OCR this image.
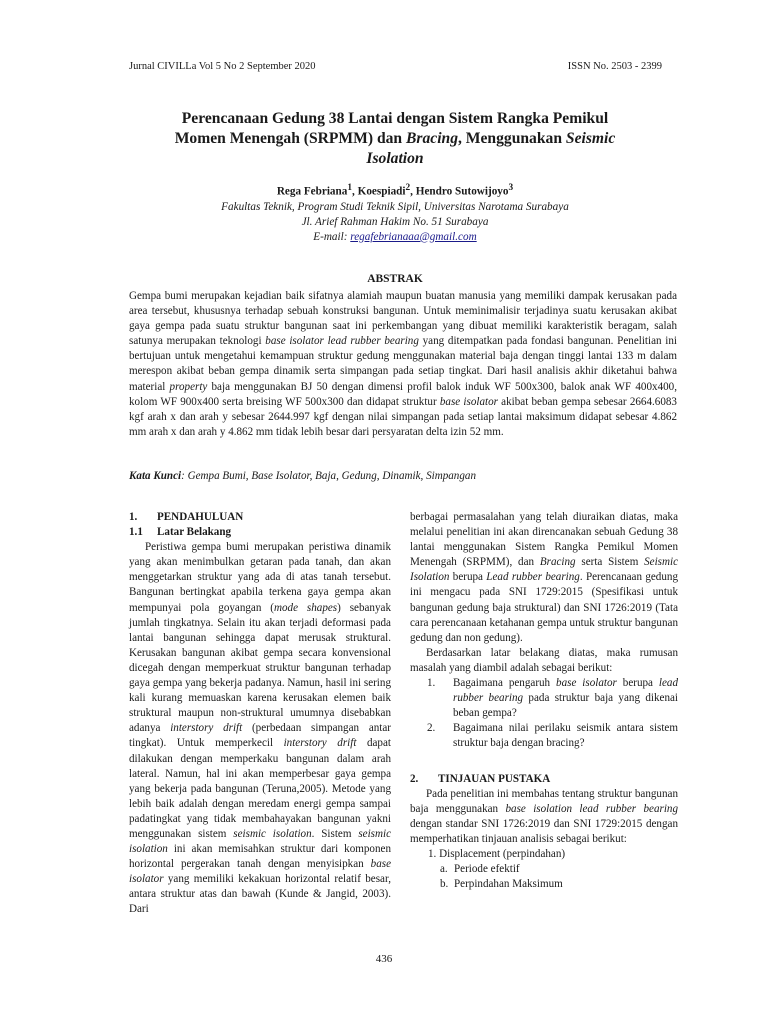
Jurnal CIVILLa Vol 5 No 2 September 2020	ISSN No. 2503 - 2399
Perencanaan Gedung 38 Lantai dengan Sistem Rangka Pemikul
Momen Menengah (SRPMM) dan Bracing, Menggunakan Seismic
Isolation
Rega Febriana$^1$, Koespiadi$^2$, Hendro Sutowijoyo$^3$
Fakultas Teknik, Program Studi Teknik Sipil, Universitas Narotama Surabaya
Jl. Arief Rahman Hakim No. 51 Surabaya
E-mail: regafebrianaaa@gmail.com
ABSTRAK
Gempa bumi merupakan kejadian baik sifatnya alamiah maupun buatan manusia yang memiliki dampak kerusakan pada area tersebut, khususnya terhadap sebuah konstruksi bangunan. Untuk meminimalisir terjadinya suatu kerusakan akibat gaya gempa pada suatu struktur bangunan saat ini perkembangan yang dibuat memiliki karakteristik beragam, salah satunya merupakan teknologi base isolator lead rubber bearing yang ditempatkan pada fondasi bangunan. Penelitian ini bertujuan untuk mengetahui kemampuan struktur gedung menggunakan material baja dengan tinggi lantai 133 m dalam merespon akibat beban gempa dinamik serta simpangan pada setiap tingkat. Dari hasil analisis akhir diketahui bahwa material property baja menggunakan BJ 50 dengan dimensi profil balok induk WF 500x300, balok anak WF 400x400, kolom WF 900x400 serta breising WF 500x300 dan didapat struktur base isolator akibat beban gempa sebesar 2664.6083 kgf arah x dan arah y sebesar 2644.997 kgf dengan nilai simpangan pada setiap lantai maksimum didapat sebesar 4.862 mm arah x dan arah y 4.862 mm tidak lebih besar dari persyaratan delta izin 52 mm.
Kata Kunci: Gempa Bumi, Base Isolator, Baja, Gedung, Dinamik, Simpangan

1. PENDAHULUAN

1.1 Latar Belakang

Peristiwa gempa bumi merupakan peristiwa dinamik yang akan menimbulkan getaran pada tanah, dan akan menggetarkan struktur yang ada di atas tanah tersebut. Bangunan bertingkat apabila terkena gaya gempa akan mempunyai pola goyangan (mode shapes) sebanyak jumlah tingkatnya. Selain itu akan terjadi deformasi pada lantai bangunan sehingga dapat merusak struktural. Kerusakan bangunan akibat gempa secara konvensional dicegah dengan memperkuat struktur bangunan terhadap gaya gempa yang bekerja padanya. Namun, hasil ini sering kali kurang memuaskan karena kerusakan elemen baik struktural maupun non-struktural umumnya disebabkan adanya interstory drift (perbedaan simpangan antar tingkat). Untuk memperkecil interstory drift dapat dilakukan dengan memperkaku bangunan dalam arah lateral. Namun, hal ini akan memperbesar gaya gempa yang bekerja pada bangunan (Teruna,2005). Metode yang lebih baik adalah dengan meredam energi gempa sampai padatingkat yang tidak membahayakan bangunan yakni menggunakan sistem seismic isolation. Sistem seismic isolation ini akan memisahkan struktur dari komponen horizontal pergerakan tanah dengan menyisipkan base isolator yang memiliki kekakuan horizontal relatif besar, antara struktur atas dan bawah (Kunde & Jangid, 2003). Dari

berbagai permasalahan yang telah diuraikan diatas, maka melalui penelitian ini akan direncanakan sebuah Gedung 38 lantai menggunakan Sistem Rangka Pemikul Momen Menengah (SRPMM), dan Bracing serta Sistem Seismic Isolation berupa Lead rubber bearing. Perencanaan gedung ini mengacu pada SNI 1729:2015 (Spesifikasi untuk bangunan gedung baja struktural) dan SNI 1726:2019 (Tata cara perencanaan ketahanan gempa untuk struktur bangunan gedung dan non gedung).

Berdasarkan latar belakang diatas, maka rumusan masalah yang diambil adalah sebagai berikut:

1.	Bagaimana pengaruh base isolator berupa lead rubber bearing pada struktur baja yang dikenai beban gempa?
2.	Bagaimana nilai perilaku seismik antara sistem struktur baja dengan bracing?

2. TINJAUAN PUSTAKA

Pada penelitian ini membahas tentang struktur bangunan baja menggunakan base isolation lead rubber bearing dengan standar SNI 1726:2019 dan SNI 1729:2015 dengan memperhatikan tinjauan analisis sebagai berikut:

1. Displacement (perpindahan)
a. Periode efektif
b. Perpindahan Maksimum
436
